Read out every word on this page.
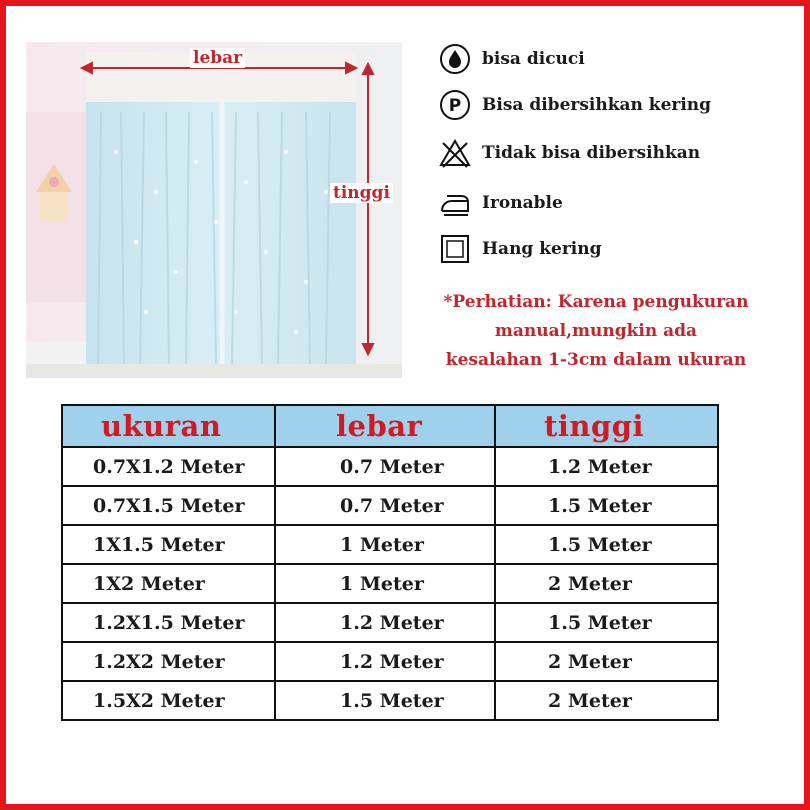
lebar
tinggi
bisa dicuci
P Bisa dibersihkan kering
Tidak bisa dibersihkan
Ironable
Hang kering
*Perhatian: Karena pengukuran
manual,mungkin ada
kesalahan 1-3cm dalam ukuran
ukuran	lebar	tinggi
0.7X1.2 Meter	0.7 Meter	1.2 Meter
0.7X1.5 Meter	0.7 Meter	1.5 Meter
1X1.5 Meter	1 Meter	1.5 Meter
1X2 Meter	1 Meter	2 Meter
1.2X1.5 Meter	1.2 Meter	1.5 Meter
1.2X2 Meter	1.2 Meter	2 Meter
1.5X2 Meter	1.5 Meter	2 Meter
